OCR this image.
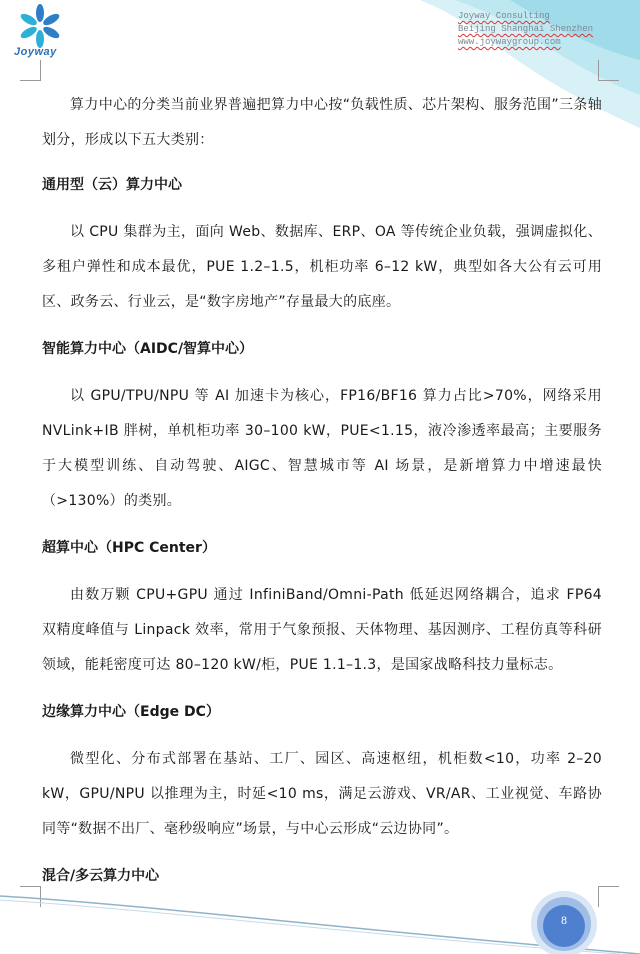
Joyway
Joyway Consulting
Beijing Shanghai Shenzhen
www.joywaygroup.com

算力中心的分类当前业界普遍把算力中心按“负载性质、芯片架构、服务范围”三条轴划分，形成以下五大类别：

通用型（云）算力中心

以 CPU 集群为主，面向 Web、数据库、ERP、OA 等传统企业负载，强调虚拟化、多租户弹性和成本最优，PUE 1.2–1.5，机柜功率 6–12 kW，典型如各大公有云可用区、政务云、行业云，是“数字房地产”存量最大的底座。

智能算力中心（AIDC/智算中心）

以 GPU/TPU/NPU 等 AI 加速卡为核心，FP16/BF16 算力占比>70%，网络采用 NVLink+IB 胖树，单机柜功率 30–100 kW，PUE<1.15，液冷渗透率最高；主要服务于大模型训练、自动驾驶、AIGC、智慧城市等 AI 场景，是新增算力中增速最快（>130%）的类别。

超算中心（HPC Center）

由数万颗 CPU+GPU 通过 InfiniBand/Omni-Path 低延迟网络耦合，追求 FP64 双精度峰值与 Linpack 效率，常用于气象预报、天体物理、基因测序、工程仿真等科研领域，能耗密度可达 80–120 kW/柜，PUE 1.1–1.3，是国家战略科技力量标志。

边缘算力中心（Edge DC）

微型化、分布式部署在基站、工厂、园区、高速枢纽，机柜数<10，功率 2–20 kW，GPU/NPU 以推理为主，时延<10 ms，满足云游戏、VR/AR、工业视觉、车路协同等“数据不出厂、毫秒级响应”场景，与中心云形成“云边协同”。

混合/多云算力中心
8
